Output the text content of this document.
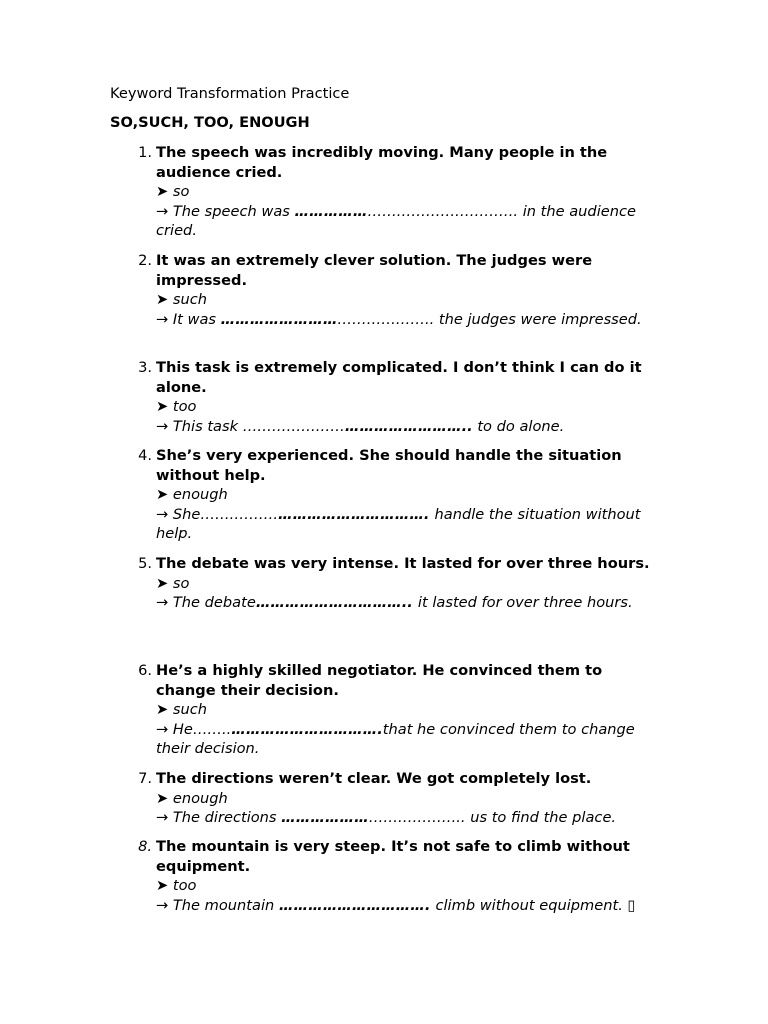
Keyword Transformation Practice

SO,SUCH, TOO, ENOUGH

1. The speech was incredibly moving. Many people in the audience cried.
➤ so
→ The speech was ………………………………………. in the audience cried.
2. It was an extremely clever solution. The judges were impressed.
➤ such
→ It was …………………………………….. the judges were impressed.
3. This task is extremely complicated. I don’t think I can do it alone.
➤ too
→ This task ……………………………………….. to do alone.
4. She’s very experienced. She should handle the situation without help.
➤ enough
→ She…………….…………………………. handle the situation without help.
5. The debate was very intense. It lasted for over three hours.
➤ so
→ The debate………………………….. it lasted for over three hours.
6. He’s a highly skilled negotiator. He convinced them to change their decision.
➤ such
→ He……..………………………….that he convinced them to change their decision.
7. The directions weren’t clear. We got completely lost.
➤ enough
→ The directions ……………………………….. us to find the place.
8. The mountain is very steep. It’s not safe to climb without equipment.
➤ too
→ The mountain …………………………. climb without equipment. ▯
